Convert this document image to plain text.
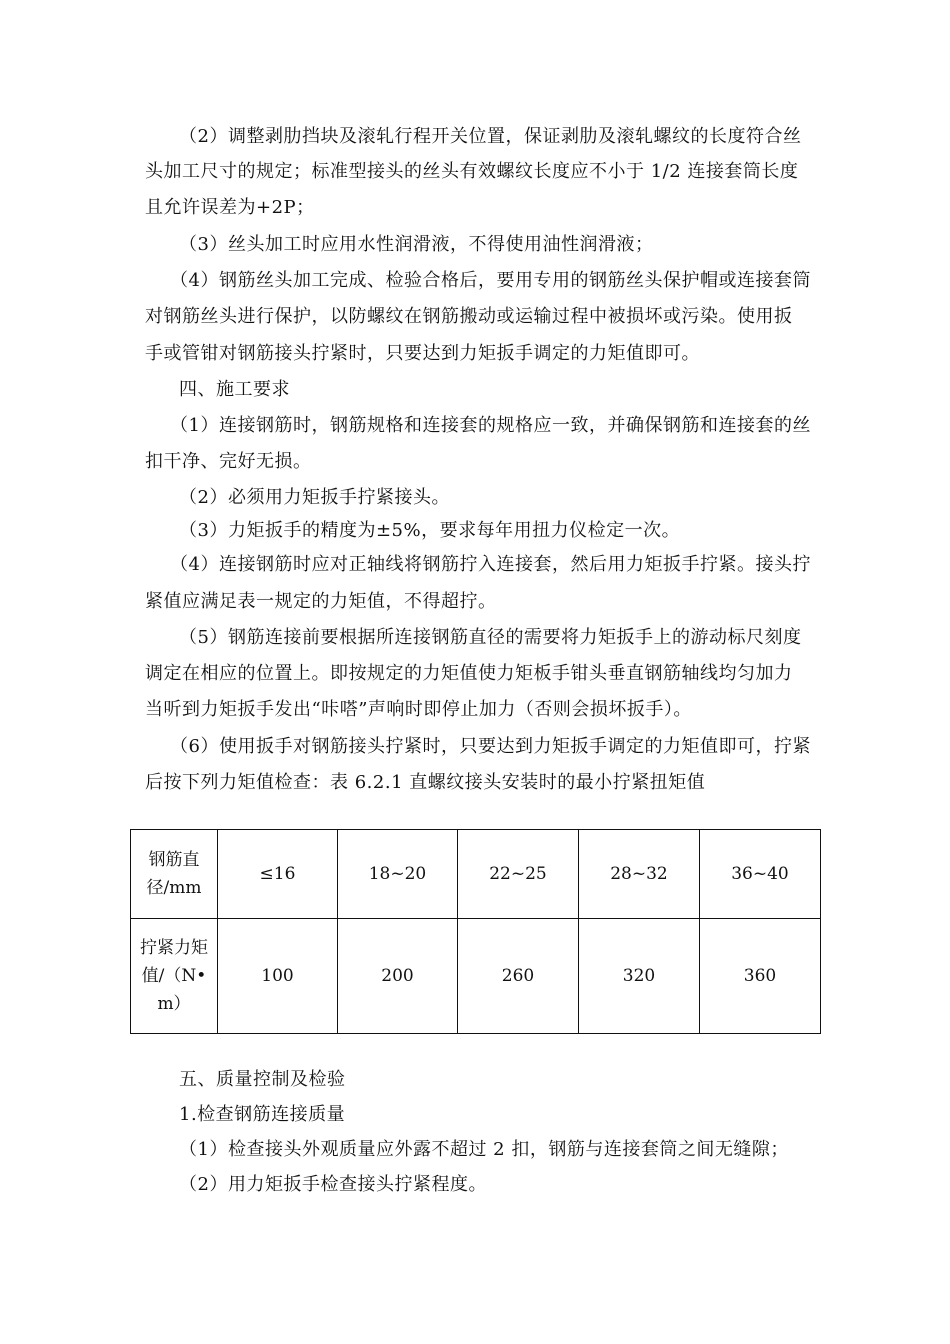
（2）调整剥肋挡块及滚轧行程开关位置，保证剥肋及滚轧螺纹的长度符合丝
头加工尺寸的规定；标准型接头的丝头有效螺纹长度应不小于 1/2 连接套筒长度
且允许误差为+2P；
（3）丝头加工时应用水性润滑液，不得使用油性润滑液；
（4）钢筋丝头加工完成、检验合格后，要用专用的钢筋丝头保护帽或连接套筒
对钢筋丝头进行保护，以防螺纹在钢筋搬动或运输过程中被损坏或污染。使用扳
手或管钳对钢筋接头拧紧时，只要达到力矩扳手调定的力矩值即可。
四、施工要求
（1）连接钢筋时，钢筋规格和连接套的规格应一致，并确保钢筋和连接套的丝
扣干净、完好无损。
（2）必须用力矩扳手拧紧接头。
（3）力矩扳手的精度为±5%，要求每年用扭力仪检定一次。
（4）连接钢筋时应对正轴线将钢筋拧入连接套，然后用力矩扳手拧紧。接头拧
紧值应满足表一规定的力矩值，不得超拧。
（5）钢筋连接前要根据所连接钢筋直径的需要将力矩扳手上的游动标尺刻度
调定在相应的位置上。即按规定的力矩值使力矩板手钳头垂直钢筋轴线均匀加力
当听到力矩扳手发出“咔嗒”声响时即停止加力（否则会损坏扳手）。
（6）使用扳手对钢筋接头拧紧时，只要达到力矩扳手调定的力矩值即可，拧紧
后按下列力矩值检查：表 6.2.1 直螺纹接头安装时的最小拧紧扭矩值
钢筋直径/mm	≤16	18~20	22~25	28~32	36~40
拧紧力矩值/（N•m）	100	200	260	320	360
五、质量控制及检验
1.检查钢筋连接质量
（1）检查接头外观质量应外露不超过 2 扣，钢筋与连接套筒之间无缝隙；
（2）用力矩扳手检查接头拧紧程度。
